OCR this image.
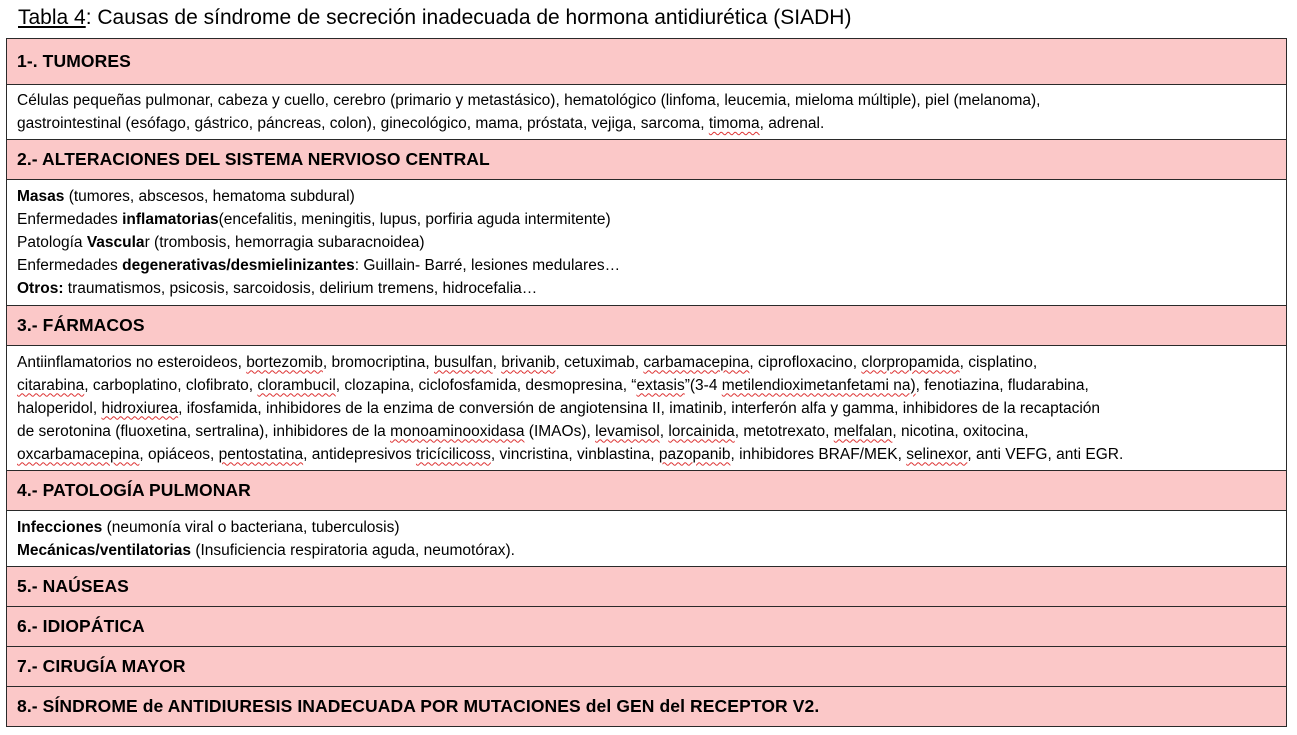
Tabla 4: Causas de síndrome de secreción inadecuada de hormona antidiurética (SIADH)
1-. TUMORES

Células pequeñas pulmonar, cabeza y cuello, cerebro (primario y metastásico), hematológico (linfoma, leucemia, mieloma múltiple), piel (melanoma),
gastrointestinal (esófago, gástrico, páncreas, colon), ginecológico, mama, próstata, vejiga, sarcoma, timoma, adrenal.

2.- ALTERACIONES DEL SISTEMA NERVIOSO CENTRAL

Masas (tumores, abscesos, hematoma subdural)
Enfermedades inflamatorias(encefalitis, meningitis, lupus, porfiria aguda intermitente)
Patología Vascular (trombosis, hemorragia subaracnoidea)
Enfermedades degenerativas/desmielinizantes: Guillain- Barré, lesiones medulares…
Otros: traumatismos, psicosis, sarcoidosis, delirium tremens, hidrocefalia…

3.- FÁRMACOS

Antiinflamatorios no esteroideos, bortezomib, bromocriptina, busulfan, brivanib, cetuximab, carbamacepina, ciprofloxacino, clorpropamida, cisplatino,
citarabina, carboplatino, clofibrato, clorambucil, clozapina, ciclofosfamida, desmopresina, “extasis”(3-4 metilendioximetanfetami na), fenotiazina, fludarabina,
haloperidol, hidroxiurea, ifosfamida, inhibidores de la enzima de conversión de angiotensina II, imatinib, interferón alfa y gamma, inhibidores de la recaptación
de serotonina (fluoxetina, sertralina), inhibidores de la monoaminooxidasa (IMAOs), levamisol, lorcainida, metotrexato, melfalan, nicotina, oxitocina,
oxcarbamacepina, opiáceos, pentostatina, antidepresivos tricícilicoss, vincristina, vinblastina, pazopanib, inhibidores BRAF/MEK, selinexor, anti VEFG, anti EGR.

4.- PATOLOGÍA PULMONAR

Infecciones (neumonía viral o bacteriana, tuberculosis)
Mecánicas/ventilatorias (Insuficiencia respiratoria aguda, neumotórax).

5.- NAÚSEAS
6.- IDIOPÁTICA
7.- CIRUGÍA MAYOR
8.- SÍNDROME de ANTIDIURESIS INADECUADA POR MUTACIONES del GEN del RECEPTOR V2.
